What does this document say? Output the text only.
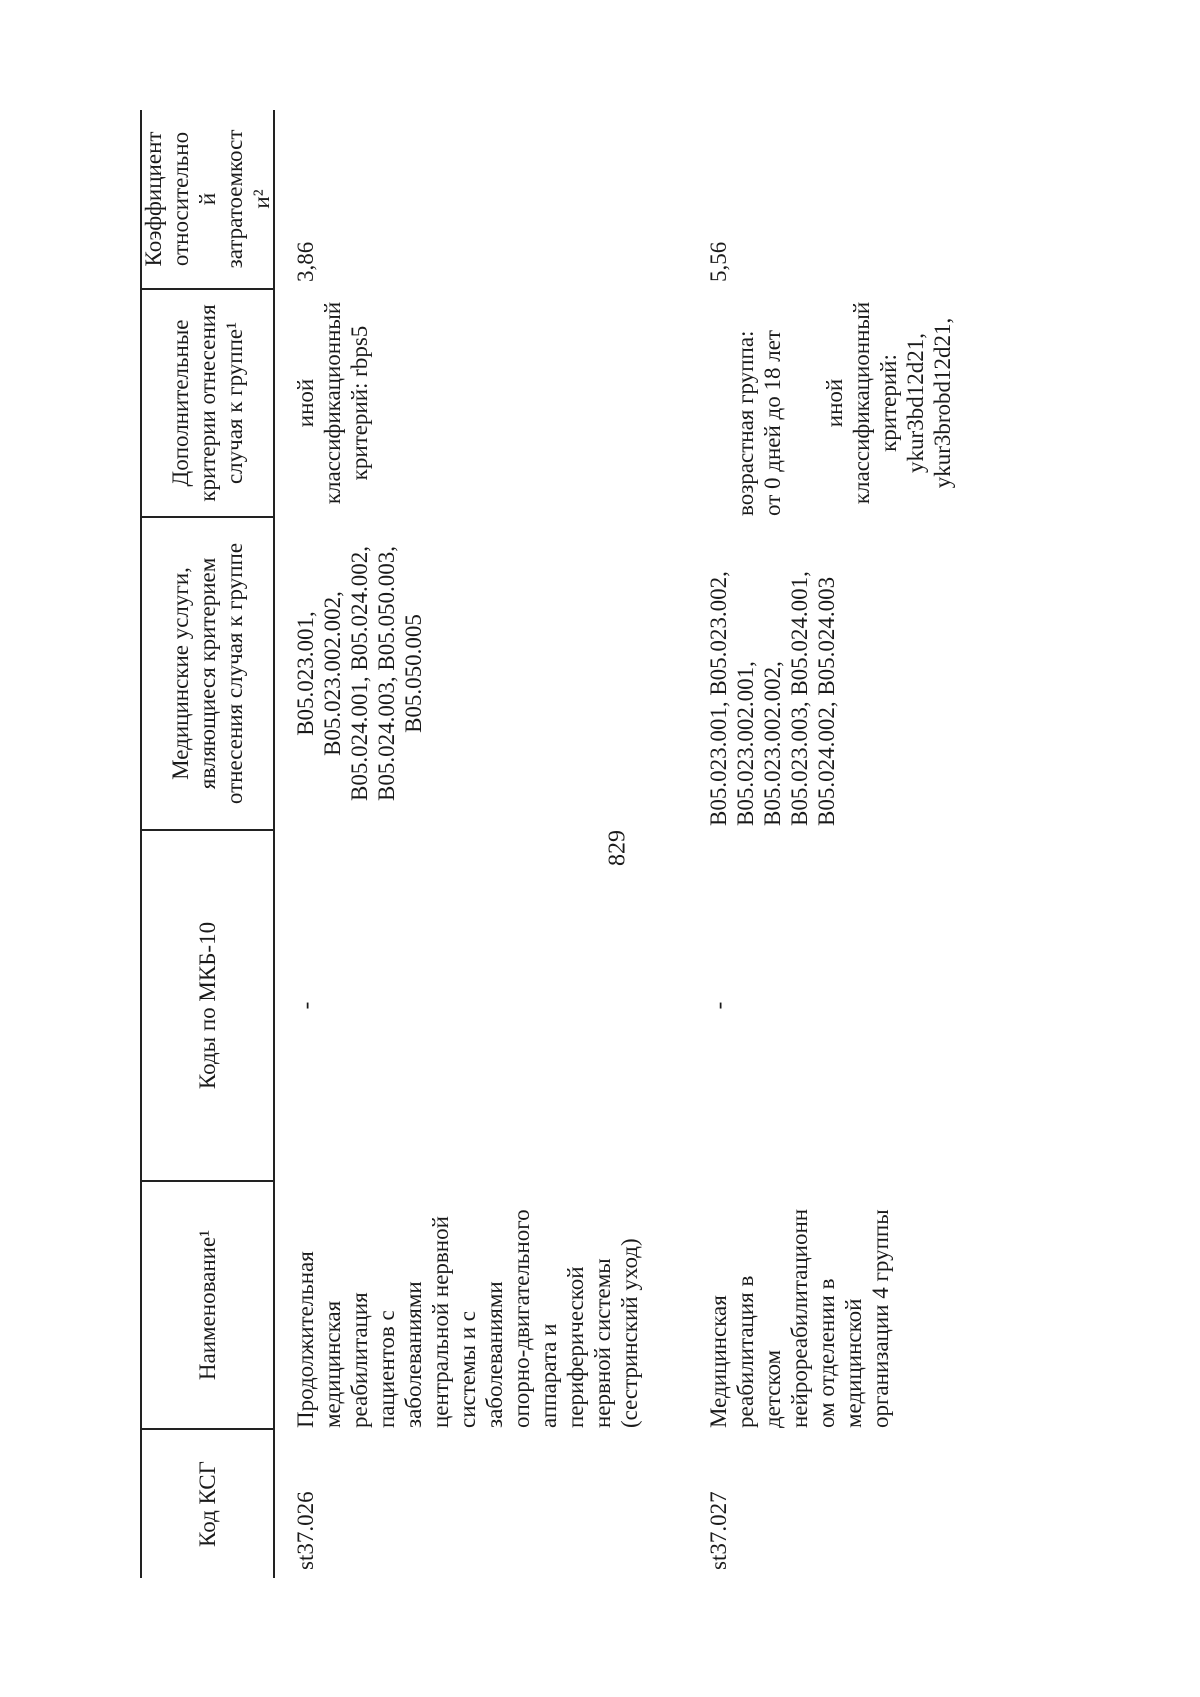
829
Код КСГ
Наименование¹
Коды по МКБ-10
Медицинские услуги,
являющиеся критерием
отнесения случая к группе
Дополнительные
критерии отнесения
случая к группе¹
Коэффициент
относительно
й
затратоемкост
и²
st37.026
Продолжительная
медицинская
реабилитация
пациентов с
заболеваниями
центральной нервной
системы и с
заболеваниями
опорно-двигательного
аппарата и
периферической
нервной системы
(сестринский уход)
-
B05.023.001,
B05.023.002.002,
B05.024.001, B05.024.002,
B05.024.003, B05.050.003,
B05.050.005
иной
классификационный
критерий: rbps5
3,86
st37.027
Медицинская
реабилитация в
детском
нейрореабилитационн
ом отделении в
медицинской
организации 4 группы
-
B05.023.001, B05.023.002,
B05.023.002.001,
B05.023.002.002,
B05.023.003, B05.024.001,
B05.024.002, B05.024.003

возрастная группа:
от 0 дней до 18 лет

иной
классификационный
критерий:
ykur3bd12d21,
ykur3brobd12d21,

5,56
